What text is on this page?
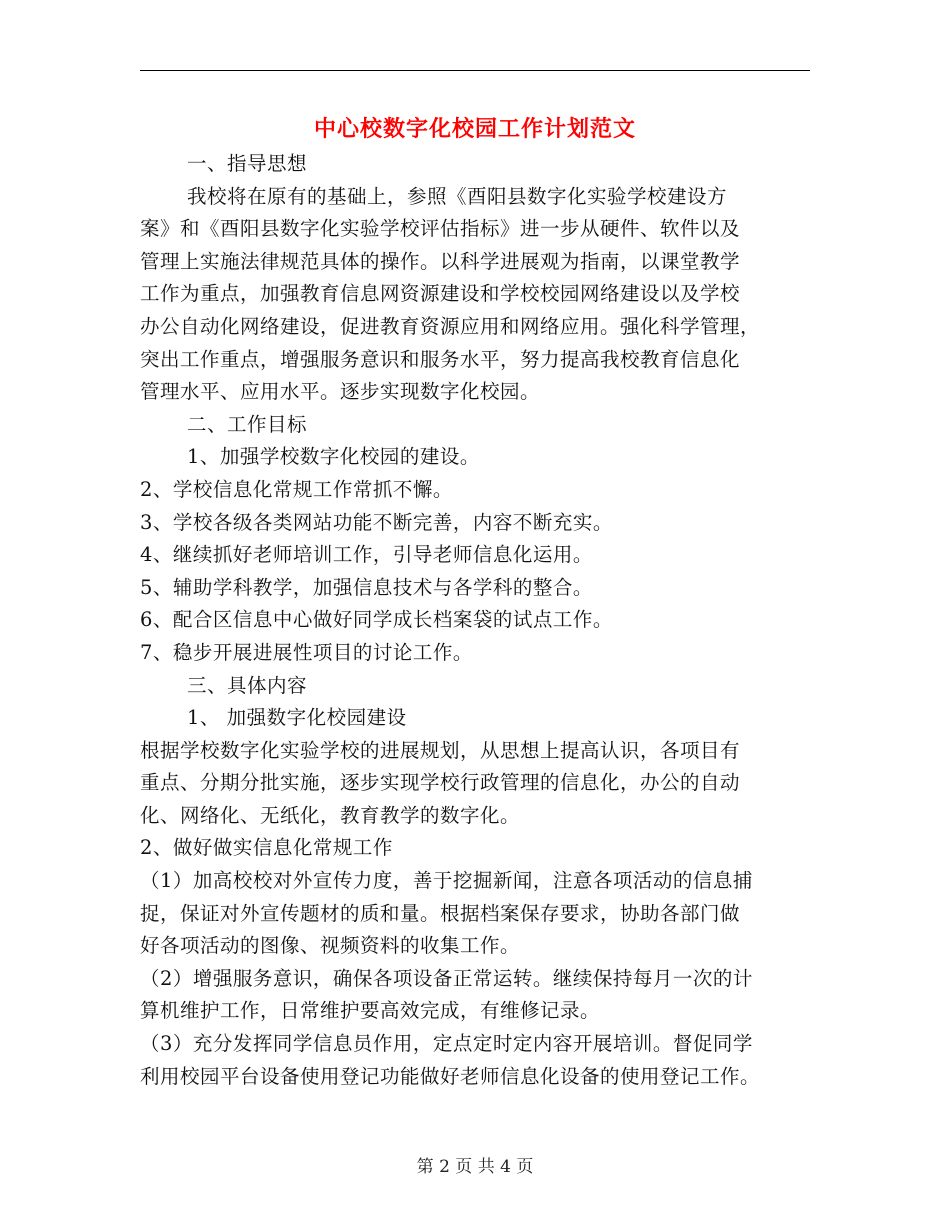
中心校数字化校园工作计划范文
一、指导思想
我校将在原有的基础上，参照《酉阳县数字化实验学校建设方
案》和《酉阳县数字化实验学校评估指标》进一步从硬件、软件以及
管理上实施法律规范具体的操作。以科学进展观为指南，以课堂教学
工作为重点，加强教育信息网资源建设和学校校园网络建设以及学校
办公自动化网络建设，促进教育资源应用和网络应用。强化科学管理，
突出工作重点，增强服务意识和服务水平，努力提高我校教育信息化
管理水平、应用水平。逐步实现数字化校园。
二、工作目标
1、加强学校数字化校园的建设。
2、学校信息化常规工作常抓不懈。
3、学校各级各类网站功能不断完善，内容不断充实。
4、继续抓好老师培训工作，引导老师信息化运用。
5、辅助学科教学，加强信息技术与各学科的整合。
6、配合区信息中心做好同学成长档案袋的试点工作。
7、稳步开展进展性项目的讨论工作。
三、具体内容
1、 加强数字化校园建设
根据学校数字化实验学校的进展规划，从思想上提高认识，各项目有
重点、分期分批实施，逐步实现学校行政管理的信息化，办公的自动
化、网络化、无纸化，教育教学的数字化。
2、做好做实信息化常规工作
（1）加高校校对外宣传力度，善于挖掘新闻，注意各项活动的信息捕
捉，保证对外宣传题材的质和量。根据档案保存要求，协助各部门做
好各项活动的图像、视频资料的收集工作。
（2）增强服务意识，确保各项设备正常运转。继续保持每月一次的计
算机维护工作，日常维护要高效完成，有维修记录。
（3）充分发挥同学信息员作用，定点定时定内容开展培训。督促同学
利用校园平台设备使用登记功能做好老师信息化设备的使用登记工作。
第 2 页 共 4 页
